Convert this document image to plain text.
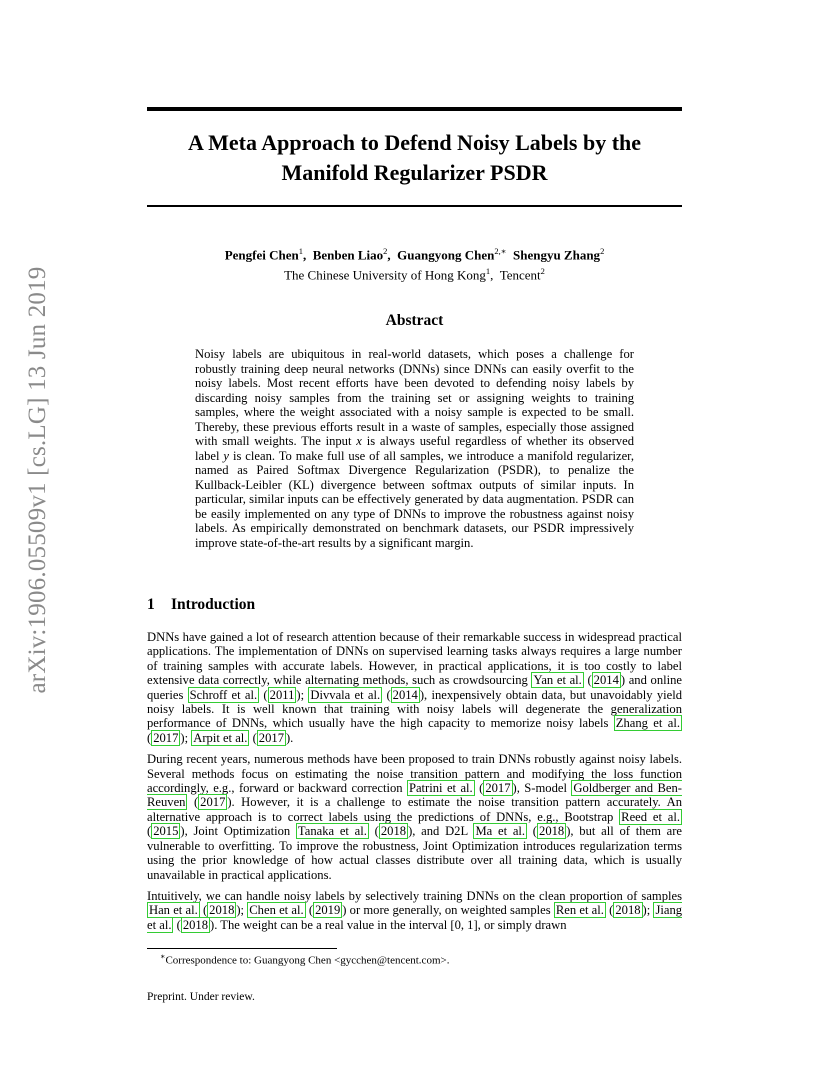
arXiv:1906.05509v1 [cs.LG] 13 Jun 2019
A Meta Approach to Defend Noisy Labels by the
Manifold Regularizer PSDR
Pengfei Chen$^1$,  Benben Liao$^2$,  Guangyong Chen$^{2,∗}$ Shengyu Zhang$^2$
The Chinese University of Hong Kong$^1$,  Tencent$^2$
Abstract
Noisy labels are ubiquitous in real-world datasets, which poses a challenge for robustly training deep neural networks (DNNs) since DNNs can easily overfit to the noisy labels. Most recent efforts have been devoted to defending noisy labels by discarding noisy samples from the training set or assigning weights to training samples, where the weight associated with a noisy sample is expected to be small. Thereby, these previous efforts result in a waste of samples, especially those assigned with small weights. The input x is always useful regardless of whether its observed label y is clean. To make full use of all samples, we introduce a manifold regularizer, named as Paired Softmax Divergence Regularization (PSDR), to penalize the Kullback-Leibler (KL) divergence between softmax outputs of similar inputs. In particular, similar inputs can be effectively generated by data augmentation. PSDR can be easily implemented on any type of DNNs to improve the robustness against noisy labels. As empirically demonstrated on benchmark datasets, our PSDR impressively improve state-of-the-art results by a significant margin.
1 Introduction

DNNs have gained a lot of research attention because of their remarkable success in widespread practical applications. The implementation of DNNs on supervised learning tasks always requires a large number of training samples with accurate labels. However, in practical applications, it is too costly to label extensive data correctly, while alternating methods, such as crowdsourcing Yan et al. ( 2014 ) and online queries Schroff et al. ( 2011 ); Divvala et al. ( 2014 ), inexpensively obtain data, but unavoidably yield noisy labels. It is well known that training with noisy labels will degenerate the generalization performance of DNNs, which usually have the high capacity to memorize noisy labels Zhang et al. ( 2017 ); Arpit et al. ( 2017 ).

During recent years, numerous methods have been proposed to train DNNs robustly against noisy labels. Several methods focus on estimating the noise transition pattern and modifying the loss function accordingly, e.g., forward or backward correction Patrini et al. ( 2017 ), S-model Goldberger and Ben-Reuven ( 2017 ). However, it is a challenge to estimate the noise transition pattern accurately. An alternative approach is to correct labels using the predictions of DNNs, e.g., Bootstrap Reed et al. ( 2015 ), Joint Optimization Tanaka et al. ( 2018 ), and D2L Ma et al. ( 2018 ), but all of them are vulnerable to overfitting. To improve the robustness, Joint Optimization introduces regularization terms using the prior knowledge of how actual classes distribute over all training data, which is usually unavailable in practical applications.

Intuitively, we can handle noisy labels by selectively training DNNs on the clean proportion of samples Han et al. ( 2018 ); Chen et al. ( 2019 ) or more generally, on weighted samples Ren et al. ( 2018 ); Jiang et al. ( 2018 ). The weight can be a real value in the interval [0, 1], or simply drawn

∗Correspondence to: Guangyong Chen <gycchen@tencent.com>.
Preprint. Under review.
